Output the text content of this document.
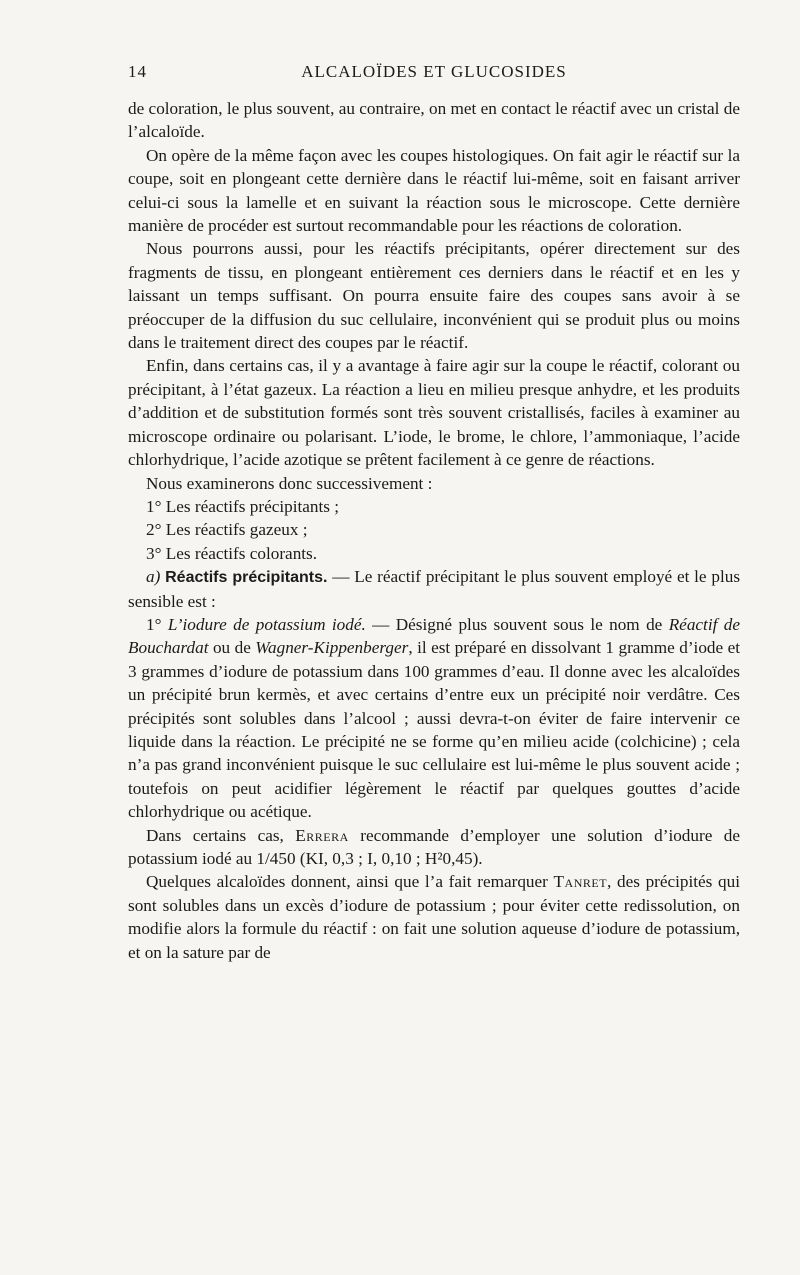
14	ALCALOÏDES ET GLUCOSIDES

de coloration, le plus souvent, au contraire, on met en contact le réactif avec un cristal de l’alcaloïde.

On opère de la même façon avec les coupes histologiques. On fait agir le réactif sur la coupe, soit en plongeant cette dernière dans le réactif lui-même, soit en faisant arriver celui-ci sous la lamelle et en suivant la réaction sous le microscope. Cette dernière manière de procéder est surtout recommandable pour les réactions de coloration.

Nous pourrons aussi, pour les réactifs précipitants, opérer directement sur des fragments de tissu, en plongeant entièrement ces derniers dans le réactif et en les y laissant un temps suffisant. On pourra ensuite faire des coupes sans avoir à se préoccuper de la diffusion du suc cellulaire, inconvénient qui se produit plus ou moins dans le traitement direct des coupes par le réactif.

Enfin, dans certains cas, il y a avantage à faire agir sur la coupe le réactif, colorant ou précipitant, à l’état gazeux. La réaction a lieu en milieu presque anhydre, et les produits d’addition et de substitution formés sont très souvent cristallisés, faciles à examiner au microscope ordinaire ou polarisant. L’iode, le brome, le chlore, l’ammoniaque, l’acide chlorhydrique, l’acide azotique se prêtent facilement à ce genre de réactions.

Nous examinerons donc successivement :

1° Les réactifs précipitants ;

2° Les réactifs gazeux ;

3° Les réactifs colorants.

a) Réactifs précipitants. — Le réactif précipitant le plus souvent employé et le plus sensible est :

1° L’iodure de potassium iodé. — Désigné plus souvent sous le nom de Réactif de Bouchardat ou de Wagner-Kippenberger, il est préparé en dissolvant 1 gramme d’iode et 3 grammes d’iodure de potassium dans 100 grammes d’eau. Il donne avec les alcaloïdes un précipité brun kermès, et avec certains d’entre eux un précipité noir verdâtre. Ces précipités sont solubles dans l’alcool ; aussi devra-t-on éviter de faire intervenir ce liquide dans la réaction. Le précipité ne se forme qu’en milieu acide (colchicine) ; cela n’a pas grand inconvénient puisque le suc cellulaire est lui-même le plus souvent acide ; toutefois on peut acidifier légèrement le réactif par quelques gouttes d’acide chlorhydrique ou acétique.

Dans certains cas, Errera recommande d’employer une solution d’iodure de potassium iodé au 1/450 (KI, 0,3 ; I, 0,10 ; H²0,45).

Quelques alcaloïdes donnent, ainsi que l’a fait remarquer Tanret, des précipités qui sont solubles dans un excès d’iodure de potassium ; pour éviter cette redissolution, on modifie alors la formule du réactif : on fait une solution aqueuse d’iodure de potassium, et on la sature par de
